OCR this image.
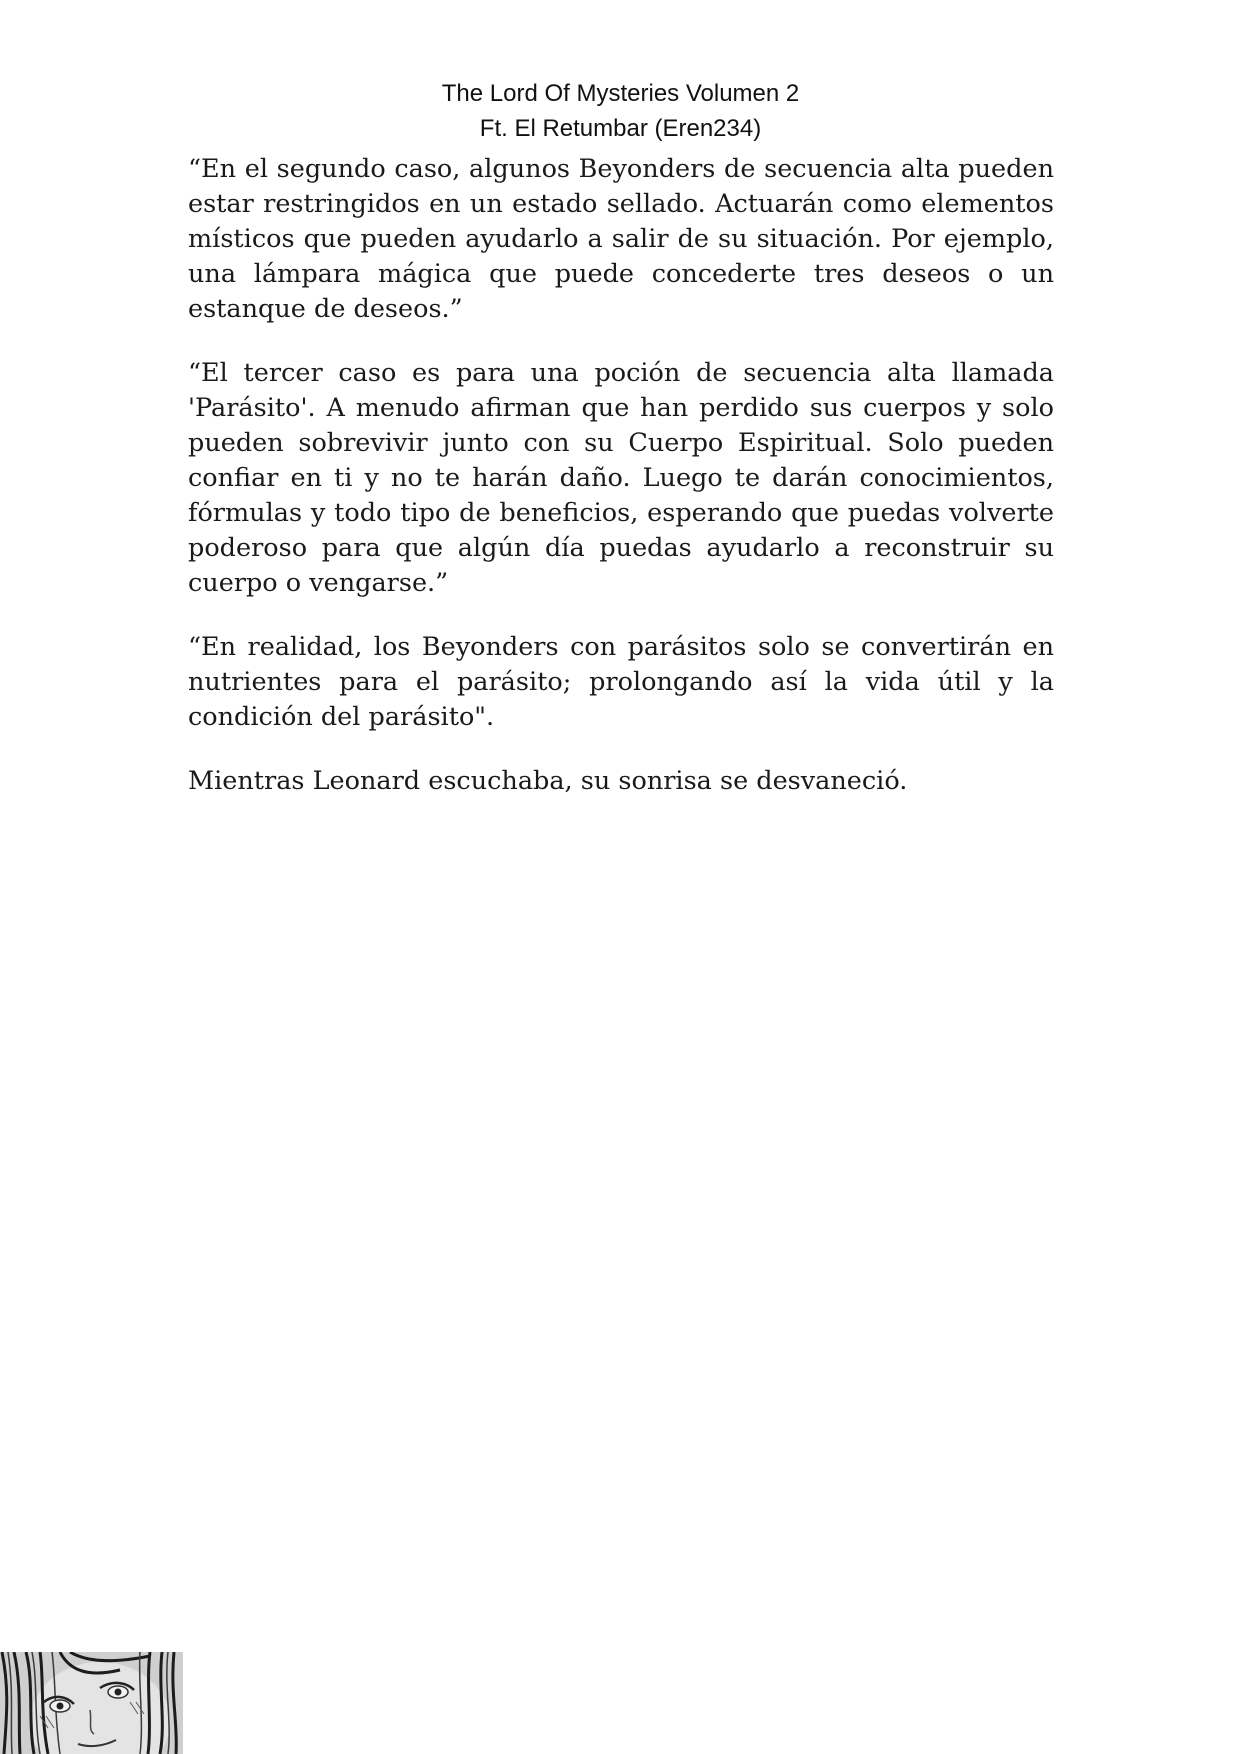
The Lord Of Mysteries Volumen 2
Ft. El Retumbar (Eren234)

“En el segundo caso, algunos Beyonders de secuencia alta pueden estar restringidos en un estado sellado. Actuarán como elementos místicos que pueden ayudarlo a salir de su situación. Por ejemplo, una lámpara mágica que puede concederte tres deseos o un estanque de deseos.”

“El tercer caso es para una poción de secuencia alta llamada 'Parásito'. A menudo afirman que han perdido sus cuerpos y solo pueden sobrevivir junto con su Cuerpo Espiritual. Solo pueden confiar en ti y no te harán daño. Luego te darán conocimientos, fórmulas y todo tipo de beneficios, esperando que puedas volverte poderoso para que algún día puedas ayudarlo a reconstruir su cuerpo o vengarse.”

“En realidad, los Beyonders con parásitos solo se convertirán en nutrientes para el parásito; prolongando así la vida útil y la condición del parásito".

Mientras Leonard escuchaba, su sonrisa se desvaneció.
